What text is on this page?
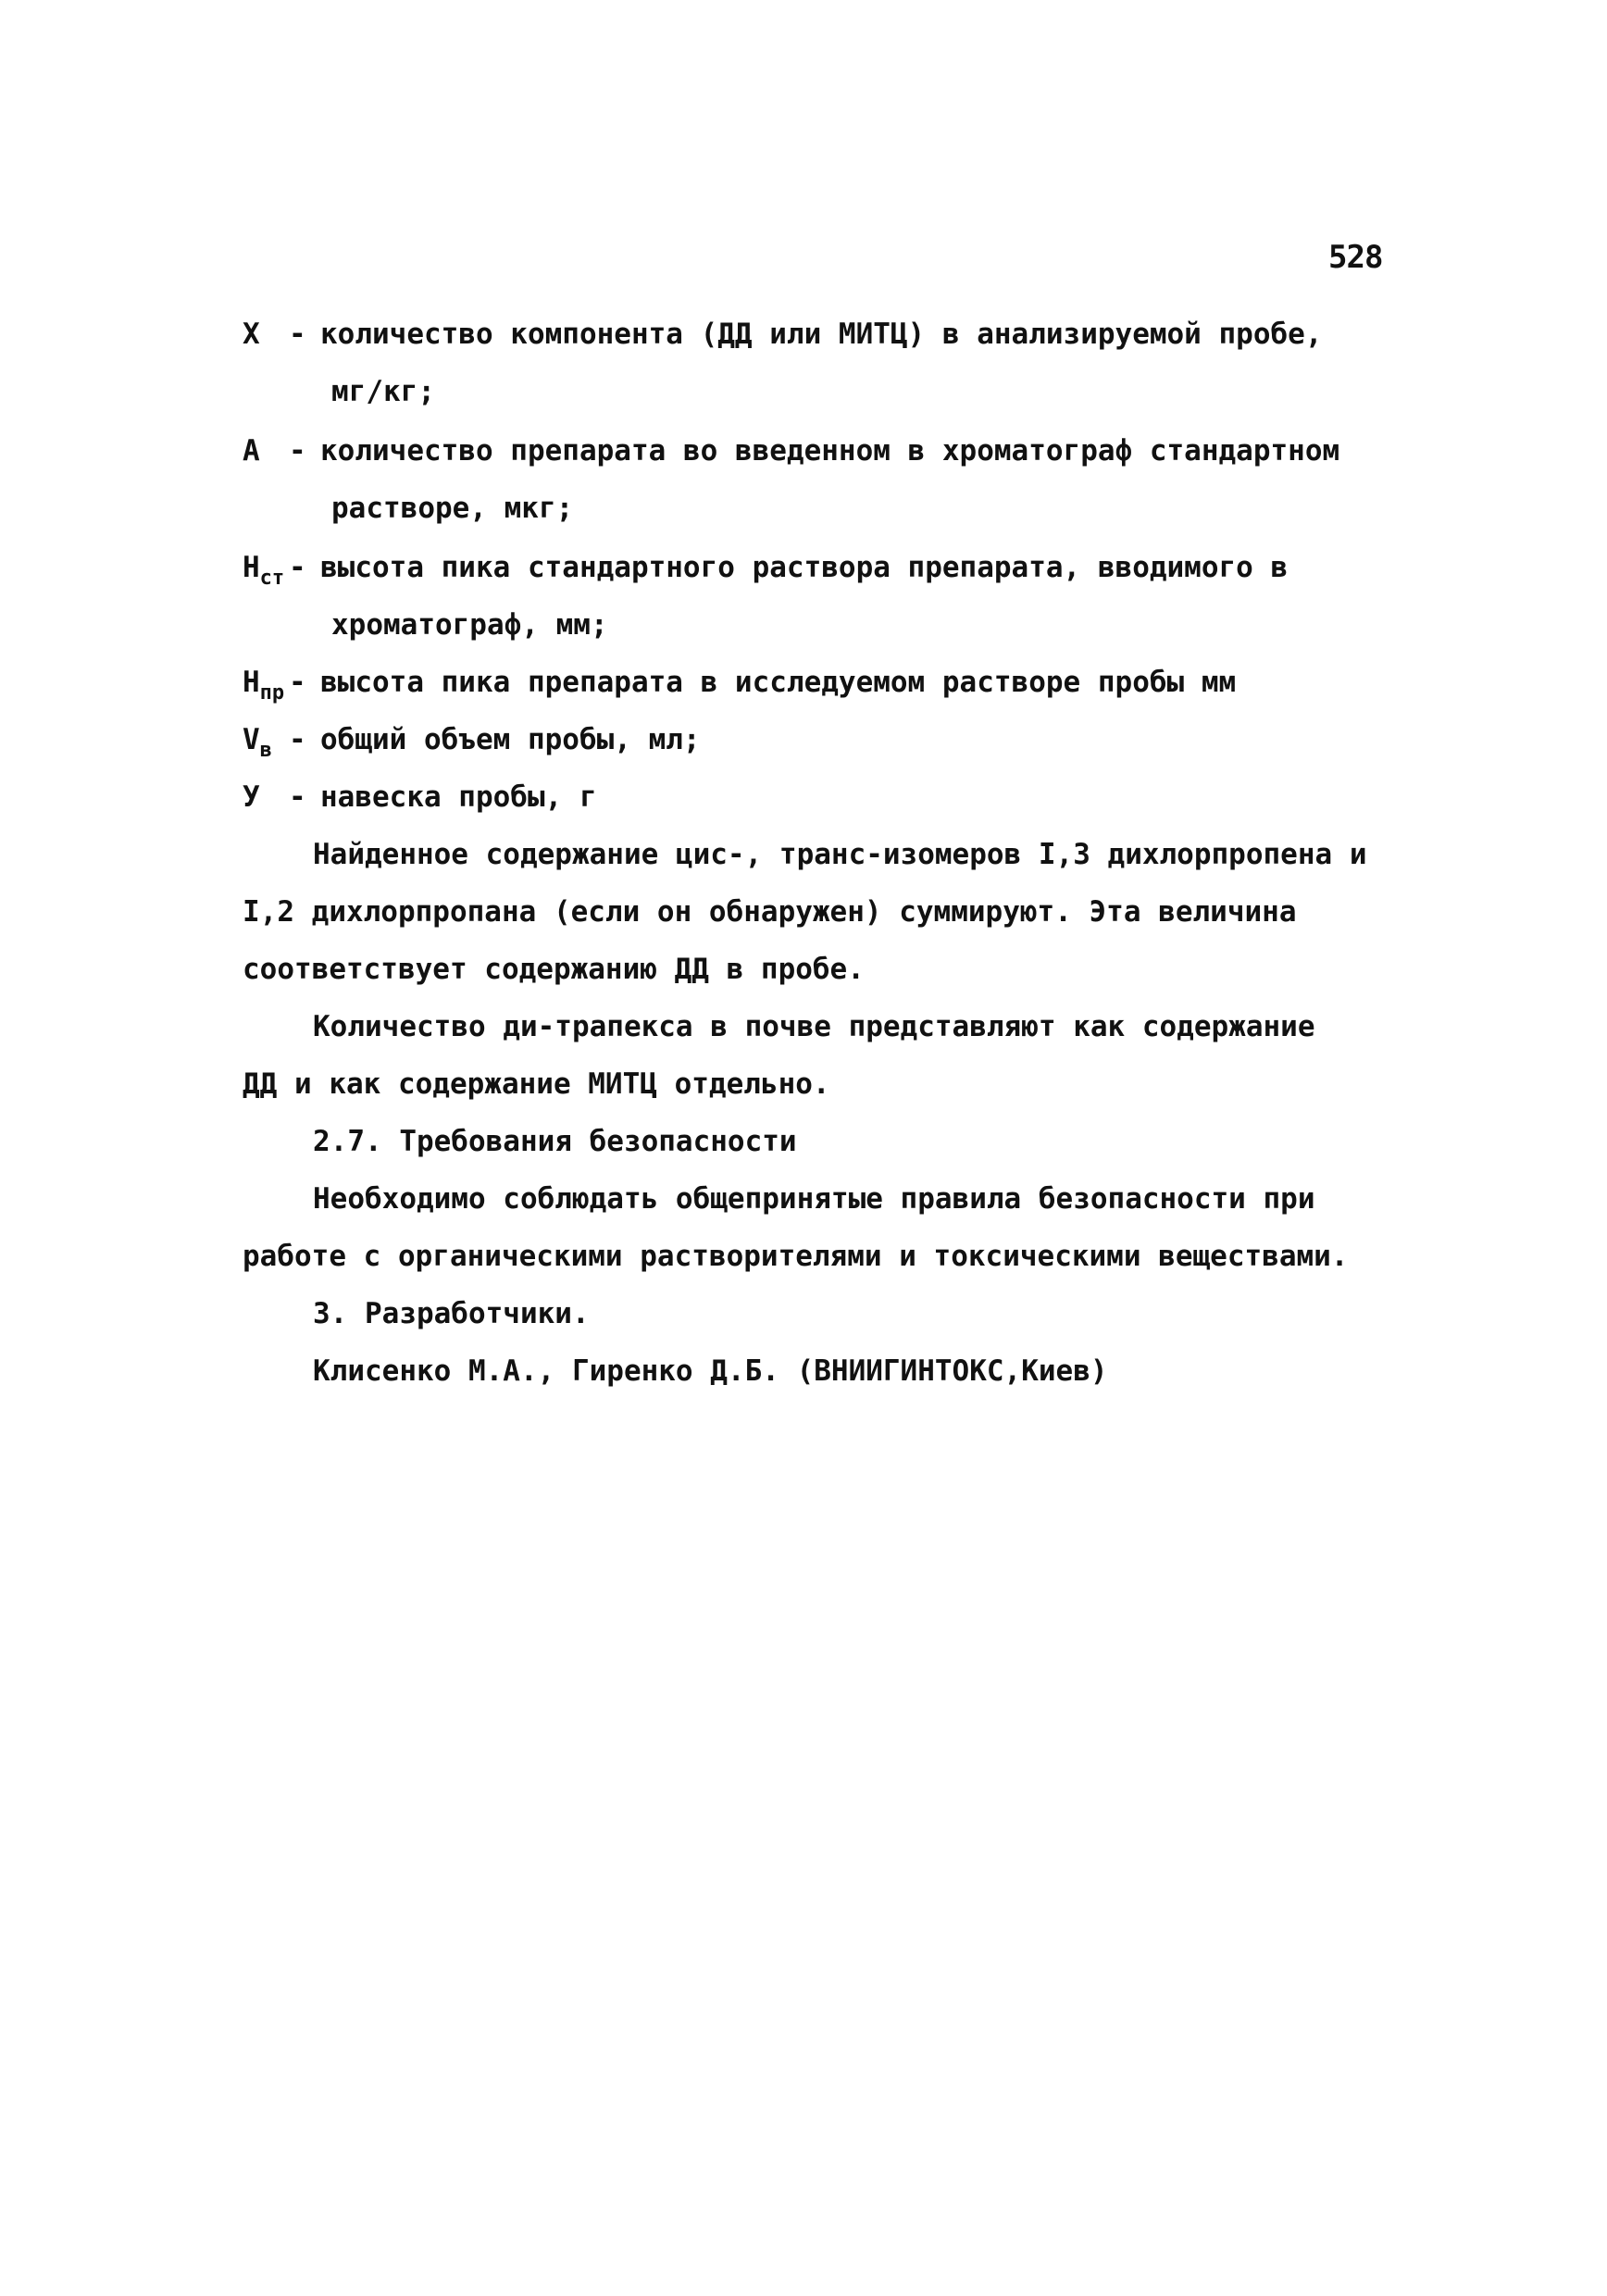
528
X - количество компонента (ДД или МИТЦ) в анализируемой пробе,
мг/кг;
А - количество препарата во введенном в хроматограф стандартном
растворе, мкг;
$H_{ст}$ - высота пика стандартного раствора препарата, вводимого в
хроматограф, мм;
$H_{пр}$ - высота пика препарата в исследуемом растворе пробы мм
$V_в$ - общий объем пробы, мл;
У - навеска пробы, г
Найденное содержание цис-, транс-изомеров I,3 дихлорпропена и
I,2 дихлорпропана (если он обнаружен) суммируют. Эта величина
соответствует содержанию ДД в пробе.
Количество ди-трапекса в почве представляют как содержание
ДД и как содержание МИТЦ отдельно.
2.7. Требования безопасности
Необходимо соблюдать общепринятые правила безопасности при
работе с органическими растворителями и токсическими веществами.
3. Разработчики.
Клисенко М.А., Гиренко Д.Б. (ВНИИГИНТОКС,Киев)
